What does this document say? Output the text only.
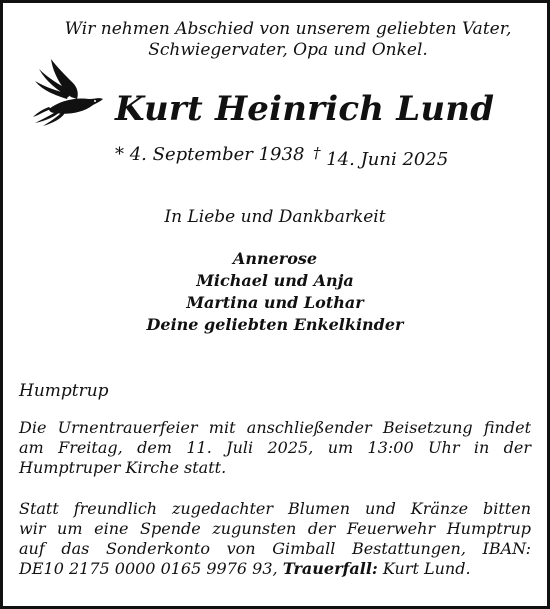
Wir nehmen Abschied von unserem geliebten Vater,
Schwiegervater, Opa und Onkel.
Kurt Heinrich Lund
* 4. September 1938 † 14. Juni 2025
In Liebe und Dankbarkeit
Annerose
Michael und Anja
Martina und Lothar
Deine geliebten Enkelkinder
Humptrup
Die Urnentrauerfeier mit anschließender Beisetzung findet
am Freitag, dem 11. Juli 2025, um 13:00 Uhr in der
Humptruper Kirche statt.
Statt freundlich zugedachter Blumen und Kränze bitten
wir um eine Spende zugunsten der Feuerwehr Humptrup
auf das Sonderkonto von Gimball Bestattungen, IBAN:
DE10 2175 0000 0165 9976 93, Trauerfall: Kurt Lund.
